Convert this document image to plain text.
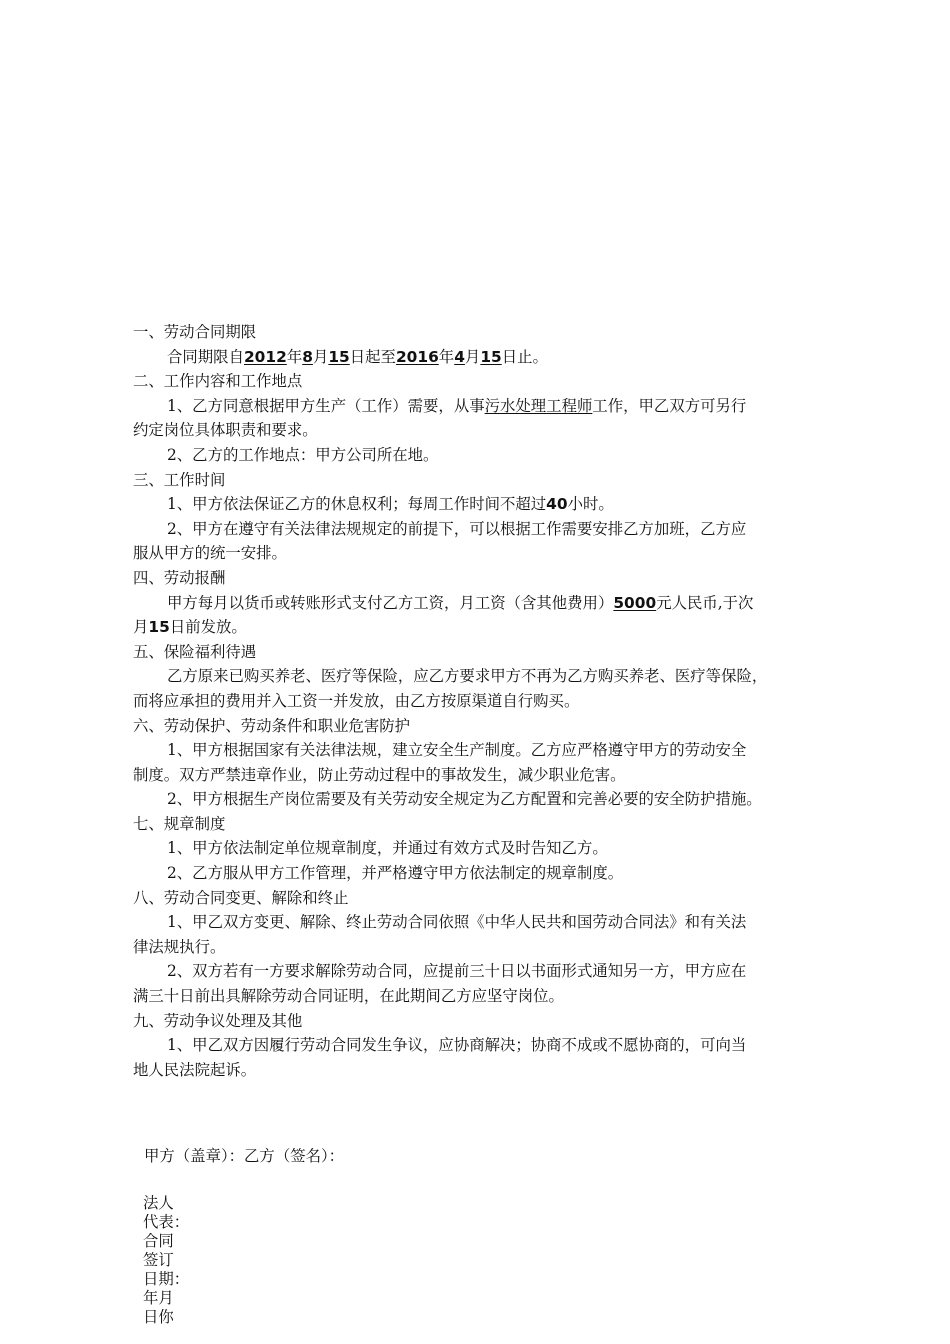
一、劳动合同期限

合同期限自2012年8月15日起至2016年4月15日止。

二、工作内容和工作地点

1、乙方同意根据甲方生产（工作）需要，从事污水处理工程师工作，甲乙双方可另行

约定岗位具体职责和要求。

2、乙方的工作地点：甲方公司所在地。

三、工作时间

1、甲方依法保证乙方的休息权利；每周工作时间不超过40小时。

2、甲方在遵守有关法律法规规定的前提下，可以根据工作需要安排乙方加班，乙方应

服从甲方的统一安排。

四、劳动报酬

甲方每月以货币或转账形式支付乙方工资，月工资（含其他费用）5000元人民币,于次

月15日前发放。

五、保险福利待遇

乙方原来已购买养老、医疗等保险，应乙方要求甲方不再为乙方购买养老、医疗等保险，

而将应承担的费用并入工资一并发放，由乙方按原渠道自行购买。

六、劳动保护、劳动条件和职业危害防护

1、甲方根据国家有关法律法规，建立安全生产制度。乙方应严格遵守甲方的劳动安全

制度。双方严禁违章作业，防止劳动过程中的事故发生，减少职业危害。

2、甲方根据生产岗位需要及有关劳动安全规定为乙方配置和完善必要的安全防护措施。

七、规章制度

1、甲方依法制定单位规章制度，并通过有效方式及时告知乙方。

2、乙方服从甲方工作管理，并严格遵守甲方依法制定的规章制度。

八、劳动合同变更、解除和终止

1、甲乙双方变更、解除、终止劳动合同依照《中华人民共和国劳动合同法》和有关法

律法规执行。

2、双方若有一方要求解除劳动合同，应提前三十日以书面形式通知另一方，甲方应在

满三十日前出具解除劳动合同证明，在此期间乙方应坚守岗位。

九、劳动争议处理及其他

1、甲乙双方因履行劳动合同发生争议，应协商解决；协商不成或不愿协商的，可向当

地人民法院起诉。

甲方（盖章）：乙方（签名）：
法人
代表：
合同
签订
日期：
年月
日你
